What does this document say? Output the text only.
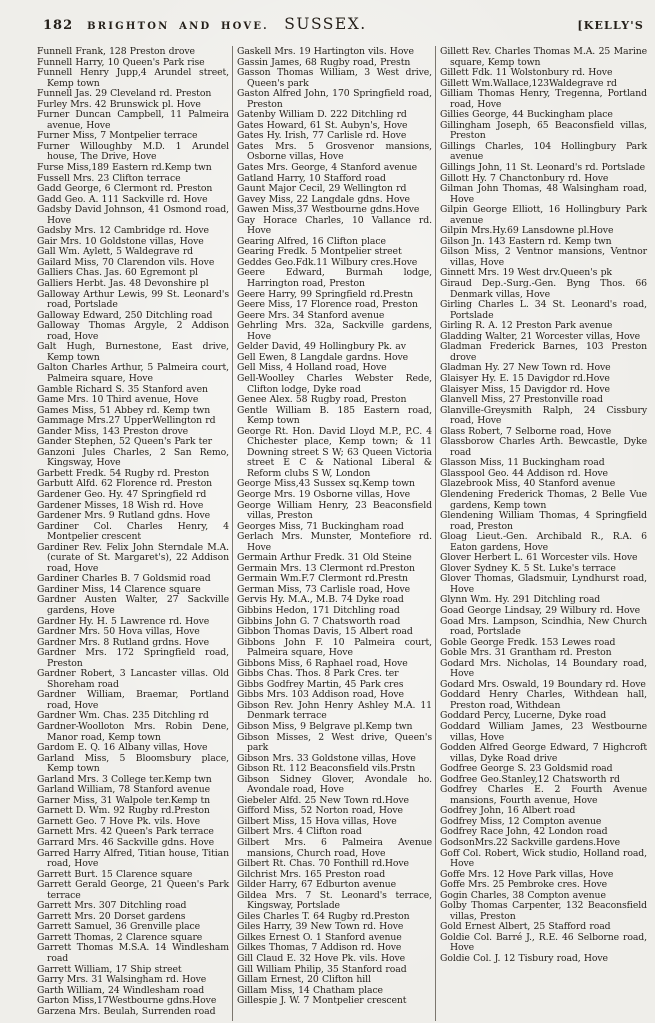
182 BRIGHTON AND HOVE. SUSSEX.	[KELLY'S

Funnell Frank, 128 Preston drove

Funnell Harry, 10 Queen's Park rise

Funnell Henry Jupp,4 Arundel street, Kemp town

Funnell Jas. 29 Cleveland rd. Preston

Furley Mrs. 42 Brunswick pl. Hove

Furner Duncan Campbell, 11 Palmeira avenue, Hove

Furner Miss, 7 Montpelier terrace

Furner Willoughby M.D. 1 Arundel house, The Drive, Hove

Furse Miss,189 Eastern rd.Kemp twn

Fussell Mrs. 23 Clifton terrace

Gadd George, 6 Clermont rd. Preston

Gadd Geo. A. 111 Sackville rd. Hove

Gadsby David Johnson, 41 Osmond road, Hove

Gadsby Mrs. 12 Cambridge rd. Hove

Gair Mrs. 10 Goldstone villas, Hove

Gall Wm. Aylett, 5 Waldegrave rd

Gailard Miss, 70 Clarendon vils. Hove

Galliers Chas. Jas. 60 Egremont pl

Galliers Herbt. Jas. 48 Devonshire pl

Galloway Arthur Lewis, 99 St. Leonard's road, Portslade

Galloway Edward, 250 Ditchling road

Galloway Thomas Argyle, 2 Addison road, Hove

Galt Hugh, Burnestone, East drive, Kemp town

Galton Charles Arthur, 5 Palmeira court, Palmeira square, Hove

Gamble Richard S. 35 Stanford aven

Game Mrs. 10 Third avenue, Hove

Games Miss, 51 Abbey rd. Kemp twn

Gammage Mrs.27 UpperWellington rd

Gander Miss, 143 Preston drove

Gander Stephen, 52 Queen's Park ter

Ganzoni Jules Charles, 2 San Remo, Kingsway, Hove

Garbett Fredk. 54 Rugby rd. Preston

Garbutt Alfd. 62 Florence rd. Preston

Gardener Geo. Hy. 47 Springfield rd

Gardener Misses, 18 Wish rd. Hove

Gardener Mrs. 9 Rutland gdns. Hove

Gardiner Col. Charles Henry, 4 Montpelier crescent

Gardiner Rev. Felix John Sterndale M.A. (curate of St. Margaret's), 22 Addison road, Hove

Gardiner Charles B. 7 Goldsmid road

Gardiner Miss, 14 Clarence square

Gardner Austen Walter, 27 Sackville gardens, Hove

Gardner Hy. H. 5 Lawrence rd. Hove

Gardner Mrs. 50 Hova villas, Hove

Gardner Mrs. 8 Rutland grdns. Hove

Gardner Mrs. 172 Springfield road, Preston

Gardner Robert, 3 Lancaster villas. Old Shoreham road

Gardner William, Braemar, Portland road, Hove

Gardner Wm. Chas. 235 Ditchling rd

Gardner-Woolloton Mrs. Robin Dene, Manor road, Kemp town

Gardom E. Q. 16 Albany villas, Hove

Garland Miss, 5 Bloomsbury place, Kemp town

Garland Mrs. 3 College ter.Kemp twn

Garland William, 78 Stanford avenue

Garner Miss, 31 Walpole ter.Kemp tn

Garnett D. Wm. 92 Rugby rd.Preston

Garnett Geo. 7 Hove Pk. vils. Hove

Garnett Mrs. 42 Queen's Park terrace

Garrard Mrs. 46 Sackville gdns. Hove

Garred Harry Alfred, Titian house, Titian road, Hove

Garrett Burt. 15 Clarence square

Garrett Gerald George, 21 Queen's Park terrace

Garrett Mrs. 307 Ditchling road

Garrett Mrs. 20 Dorset gardens

Garrett Samuel, 36 Grenville place

Garrett Thomas, 2 Clarence square

Garrett Thomas M.S.A. 14 Windlesham road

Garrett William, 17 Ship street

Garry Mrs. 31 Walsingham rd. Hove

Garth William, 24 Windlesham road

Garton Miss,17Westbourne gdns.Hove

Garzena Mrs. Beulah, Surrenden road

Gaskell Mrs. 19 Hartington vils. Hove

Gassin James, 68 Rugby road, Prestn

Gasson Thomas William, 3 West drive, Queen's park

Gaston Alfred John, 170 Springfield road, Preston

Gatenby William D. 222 Ditchling rd

Gates Howard, 61 St. Aubyn's, Hove

Gates Hy. Irish, 77 Carlisle rd. Hove

Gates Mrs. 5 Grosvenor mansions, Osborne villas, Hove

Gates Mrs. George, 4 Stanford avenue

Gatland Harry, 10 Stafford road

Gaunt Major Cecil, 29 Wellington rd

Gavey Miss, 22 Langdale gdns. Hove

Gawen Miss,37 Westbourne gdns.Hove

Gay Horace Charles, 10 Vallance rd. Hove

Gearing Alfred, 16 Clifton place

Gearing Fredk. 5 Montpelier street

Geddes Geo.Fdk.11 Wilbury cres.Hove

Geere Edward, Burmah lodge, Harrington road, Preston

Geere Harry, 99 Springfield rd.Prestn

Geere Miss, 17 Florence road, Preston

Geere Mrs. 34 Stanford avenue

Gehrling Mrs. 32a, Sackville gardens, Hove

Gelder David, 49 Hollingbury Pk. av

Gell Ewen, 8 Langdale gardns. Hove

Gell Miss, 4 Holland road, Hove

Gell-Woolley Charles Webster Rede, Clifton lodge, Dyke road

Genee Alex. 58 Rugby road, Preston

Gentle William B. 185 Eastern road, Kemp town

George Rt. Hon. David Lloyd M.P., P.C. 4 Chichester place, Kemp town; & 11 Downing street S W; 63 Queen Victoria street E C & National Liberal & Reform clubs S W, London

George Miss,43 Sussex sq.Kemp town

George Mrs. 19 Osborne villas, Hove

George William Henry, 23 Beaconsfield villas, Preston

Georges Miss, 71 Buckingham road

Gerlach Mrs. Munster, Montefiore rd. Hove

Germain Arthur Fredk. 31 Old Steine

Germain Mrs. 13 Clermont rd.Preston

Germain Wm.F.7 Clermont rd.Prestn

German Miss, 73 Carlisle road, Hove

Gervis Hy. M.A., M.B. 74 Dyke road

Gibbins Hedon, 171 Ditchling road

Gibbins John G. 7 Chatsworth road

Gibbon Thomas Davis, 15 Albert road

Gibbons John F. 10 Palmeira court, Palmeira square, Hove

Gibbons Miss, 6 Raphael road, Hove

Gibbs Chas. Thos. 8 Park Cres. ter

Gibbs Godfrey Martin, 45 Park cres

Gibbs Mrs. 103 Addison road, Hove

Gibson Rev. John Henry Ashley M.A. 11 Denmark terrace

Gibson Miss, 9 Belgrave pl.Kemp twn

Gibson Misses, 2 West drive, Queen's park

Gibson Mrs. 33 Goldstone villas, Hove

Gibson Rt. 112 Beaconsfield vils.Prstn

Gibson Sidney Glover, Avondale ho. Avondale road, Hove

Giebeler Alfd. 25 New Town rd.Hove

Gifford Miss, 52 Norton road, Hove

Gilbert Miss, 15 Hova villas, Hove

Gilbert Mrs. 4 Clifton road

Gilbert Mrs. 6 Palmeira Avenue mansions, Church road, Hove

Gilbert Rt. Chas. 70 Fonthill rd.Hove

Gilchrist Mrs. 165 Preston road

Gilder Harry, 67 Edburton avenue

Gildea Mrs. 7 St. Leonard's terrace, Kingsway, Portslade

Giles Charles T. 64 Rugby rd.Preston

Giles Harry, 39 New Town rd. Hove

Gilkes Ernest O. 1 Stanford avenue

Gilkes Thomas, 7 Addison rd. Hove

Gill Claud E. 32 Hove Pk. vils. Hove

Gill William Philip, 35 Stanford road

Gillam Ernest, 20 Clifton hill

Gillam Miss, 14 Chatham place

Gillespie J. W. 7 Montpelier crescent

Gillett Rev. Charles Thomas M.A. 25 Marine square, Kemp town

Gillett Fdk. 11 Wolstonbury rd. Hove

Gillett Wm.Wallace,123Waldegrave rd

Gilliam Thomas Henry, Tregenna, Portland road, Hove

Gillies George, 44 Buckingham place

Gillingham Joseph, 65 Beaconsfield villas, Preston

Gillings Charles, 104 Hollingbury Park avenue

Gillings John, 11 St. Leonard's rd. Portslade

Gillott Hy. 7 Chanctonbury rd. Hove

Gilman John Thomas, 48 Walsingham road, Hove

Gilpin George Elliott, 16 Hollingbury Park avenue

Gilpin Mrs.Hy.69 Lansdowne pl.Hove

Gilson Jn. 143 Eastern rd. Kemp twn

Gilson Miss, 2 Ventnor mansions, Ventnor villas, Hove

Ginnett Mrs. 19 West drv.Queen's pk

Giraud Dep.-Surg.-Gen. Byng Thos. 66 Denmark villas, Hove

Girling Charles L. 34 St. Leonard's road, Portslade

Girling R. A. 12 Preston Park avenue

Gladding Walter, 21 Worcester villas, Hove

Gladman Frederick Barnes, 103 Preston drove

Gladman Hy. 27 New Town rd. Hove

Glaisyer Hy. E. 15 Davigdor rd.Hove

Glaisyer Miss, 15 Davigdor rd. Hove

Glanvell Miss, 27 Prestonville road

Glanville-Greysmith Ralph, 24 Cissbury road, Hove

Glass Robert, 7 Selborne road, Hove

Glassborow Charles Arth. Bewcastle, Dyke road

Glasson Miss, 11 Buckingham road

Glasspool Geo. 44 Addison rd. Hove

Glazebrook Miss, 40 Stanford avenue

Glendening Frederick Thomas, 2 Belle Vue gardens, Kemp town

Glendening William Thomas, 4 Springfield road, Preston

Gloag Lieut.-Gen. Archibald R., R.A. 6 Eaton gardens, Hove

Glover Herbert L. 61 Worcester vils. Hove

Glover Sydney K. 5 St. Luke's terrace

Glover Thomas, Gladsmuir, Lyndhurst road, Hove

Glynn Wm. Hy. 291 Ditchling road

Goad George Lindsay, 29 Wilbury rd. Hove

Goad Mrs. Lampson, Scindhia, New Church road, Portslade

Goble George Fredk. 153 Lewes road

Goble Mrs. 31 Grantham rd. Preston

Godard Mrs. Nicholas, 14 Boundary road, Hove

Godard Mrs. Oswald, 19 Boundary rd. Hove

Goddard Henry Charles, Withdean hall, Preston road, Withdean

Goddard Percy, Lucerne, Dyke road

Goddard William James, 23 Westbourne villas, Hove

Godden Alfred George Edward, 7 Highcroft villas, Dyke Road drive

Godfree George S. 23 Goldsmid road

Godfree Geo.Stanley,12 Chatsworth rd

Godfrey Charles E. 2 Fourth Avenue mansions, Fourth avenue, Hove

Godfrey John, 16 Albert road

Godfrey Miss, 12 Compton avenue

Godfrey Race John, 42 London road

GodsonMrs.22 Sackville gardens.Hove

Goff Col. Robert, Wick studio, Holland road, Hove

Goffe Mrs. 12 Hove Park villas, Hove

Goffe Mrs. 25 Pembroke cres. Hove

Gogin Charles, 38 Compton avenue

Golby Thomas Carpenter, 132 Beaconsfield villas, Preston

Gold Ernest Albert, 25 Stafford road

Goldie Col. Barré J., R.E. 46 Selborne road, Hove

Goldie Col. J. 12 Tisbury road, Hove
